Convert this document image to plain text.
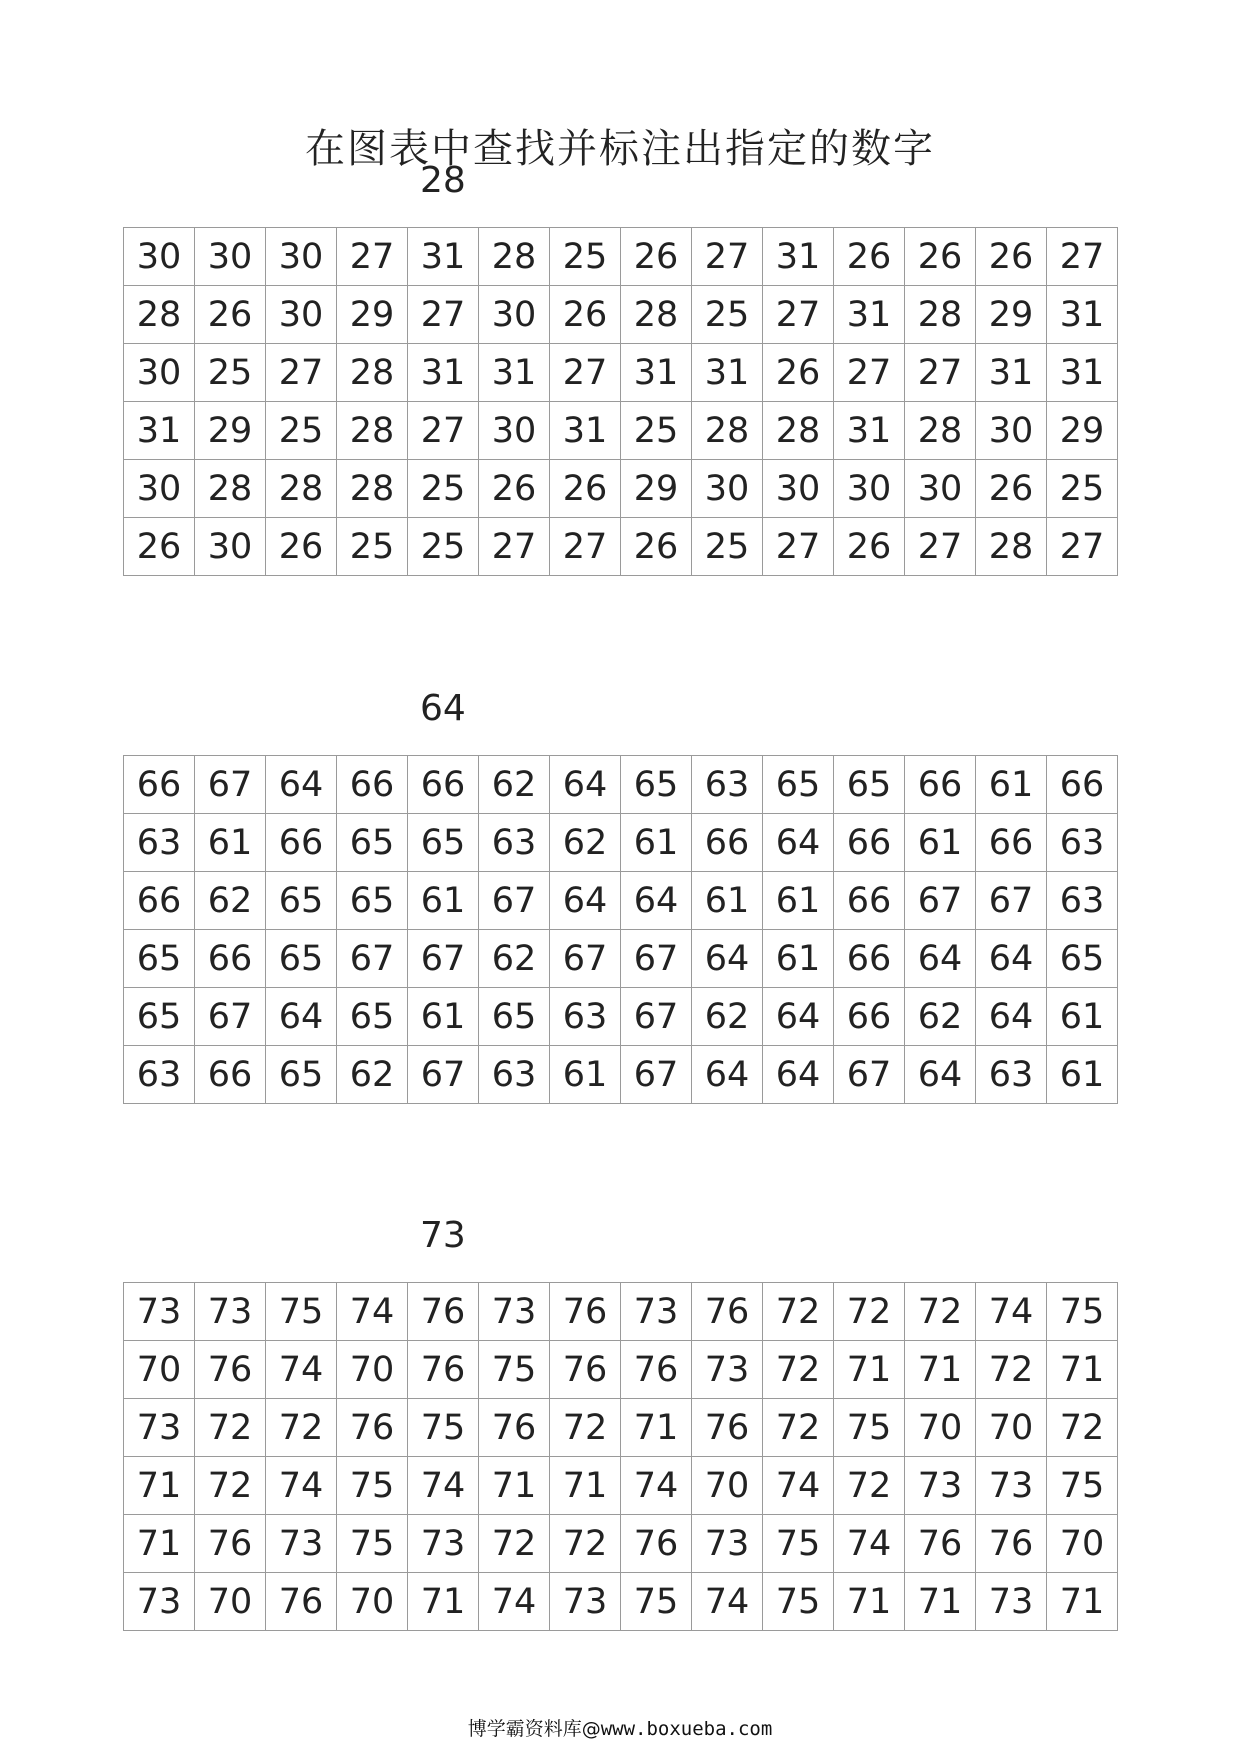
在图表中查找并标注出指定的数字
28
30	30	30	27	31	28	25	26	27	31	26	26	26	27
28	26	30	29	27	30	26	28	25	27	31	28	29	31
30	25	27	28	31	31	27	31	31	26	27	27	31	31
31	29	25	28	27	30	31	25	28	28	31	28	30	29
30	28	28	28	25	26	26	29	30	30	30	30	26	25
26	30	26	25	25	27	27	26	25	27	26	27	28	27
64
66	67	64	66	66	62	64	65	63	65	65	66	61	66
63	61	66	65	65	63	62	61	66	64	66	61	66	63
66	62	65	65	61	67	64	64	61	61	66	67	67	63
65	66	65	67	67	62	67	67	64	61	66	64	64	65
65	67	64	65	61	65	63	67	62	64	66	62	64	61
63	66	65	62	67	63	61	67	64	64	67	64	63	61
73
73	73	75	74	76	73	76	73	76	72	72	72	74	75
70	76	74	70	76	75	76	76	73	72	71	71	72	71
73	72	72	76	75	76	72	71	76	72	75	70	70	72
71	72	74	75	74	71	71	74	70	74	72	73	73	75
71	76	73	75	73	72	72	76	73	75	74	76	76	70
73	70	76	70	71	74	73	75	74	75	71	71	73	71
博学霸资料库@www.boxueba.com
